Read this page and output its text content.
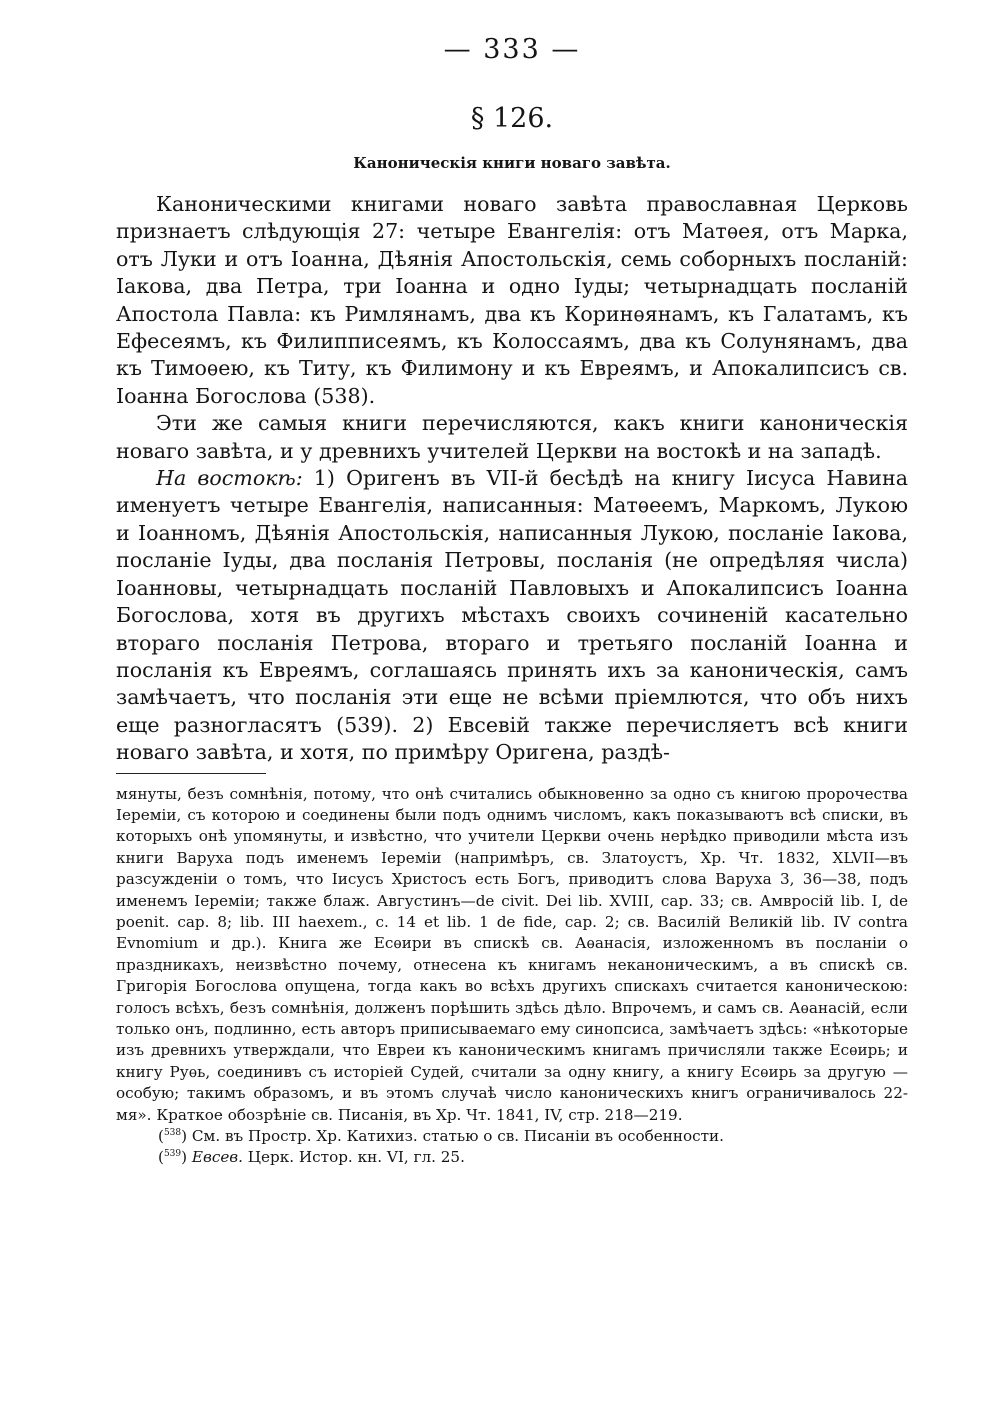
— 333 —
§ 126.
Каноническія книги новаго завѣта.

Каноническими книгами новаго завѣта православная Церковь признаетъ слѣдующія 27: четыре Евангелія: отъ Матѳея, отъ Марка, отъ Луки и отъ Іоанна, Дѣянія Апостольскія, семь соборныхъ посланій: Іакова, два Петра, три Іоанна и одно Іуды; четырнадцать посланій Апостола Павла: къ Римлянамъ, два къ Коринѳянамъ, къ Галатамъ, къ Ефесеямъ, къ Филипписеямъ, къ Колоссаямъ, два къ Солунянамъ, два къ Тимоѳею, къ Титу, къ Филимону и къ Евреямъ, и Апокалипсисъ св. Іоанна Богослова (538).

Эти же самыя книги перечисляются, какъ книги каноническія новаго завѣта, и у древнихъ учителей Церкви на востокѣ и на западѣ.

На востокѣ: 1) Оригенъ въ VII-й бесѣдѣ на книгу Іисуса Навина именуетъ четыре Евангелія, написанныя: Матѳеемъ, Маркомъ, Лукою и Іоанномъ, Дѣянія Апостольскія, написанныя Лукою, посланіе Іакова, посланіе Іуды, два посланія Петровы, посланія (не опредѣляя числа) Іоанновы, четырнадцать посланій Павловыхъ и Апокалипсисъ Іоанна Богослова, хотя въ другихъ мѣстахъ своихъ сочиненій касательно втораго посланія Петрова, втораго и третьяго посланій Іоанна и посланія къ Евреямъ, соглашаясь принять ихъ за каноническія, самъ замѣчаетъ, что посланія эти еще не всѣми пріемлются, что объ нихъ еще разногласятъ (539). 2) Евсевій также перечисляетъ всѣ книги новаго завѣта, и хотя, по примѣру Оригена, раздѣ-

мянуты, безъ сомнѣнія, потому, что онѣ считались обыкновенно за одно съ книгою пророчества Іереміи, съ которою и соединены были подъ однимъ числомъ, какъ показываютъ всѣ списки, въ которыхъ онѣ упомянуты, и извѣстно, что учители Церкви очень нерѣдко приводили мѣста изъ книги Варуха подъ именемъ Іереміи (напримѣръ, св. Златоустъ, Хр. Чт. 1832, XLVII—въ разсужденіи о томъ, что Іисусъ Христосъ есть Богъ, приводитъ слова Варуха 3, 36—38, подъ именемъ Іереміи; также блаж. Августинъ—de civit. Dei lib. XVIII, cap. 33; св. Амвросій lib. I, de poenit. cap. 8; lib. III haexem., c. 14 et lib. 1 de fide, cap. 2; св. Василій Великій lib. IV contra Evnomium и др.). Книга же Есѳири въ спискѣ св. Аѳанасія, изложенномъ въ посланіи о праздникахъ, неизвѣстно почему, отнесена къ книгамъ неканоническимъ, а въ спискѣ св. Григорія Богослова опущена, тогда какъ во всѣхъ другихъ спискахъ считается каноническою: голосъ всѣхъ, безъ сомнѣнія, долженъ порѣшить здѣсь дѣло. Впрочемъ, и самъ св. Аѳанасій, если только онъ, подлинно, есть авторъ приписываемаго ему синопсиса, замѣчаетъ здѣсь: «нѣкоторые изъ древнихъ утверждали, что Евреи къ каноническимъ книгамъ причисляли также Есѳирь; и книгу Руѳь, соединивъ съ исторіей Судей, считали за одну книгу, а книгу Есѳирь за другую — особую; такимъ образомъ, и въ этомъ случаѣ число каноническихъ книгъ ограничивалось 22-мя». Краткое обозрѣніе св. Писанія, въ Хр. Чт. 1841, IV, стр. 218—219.

($^{538}$) См. въ Простр. Хр. Катихиз. статью о св. Писаніи въ особенности.

($^{539}$) Евсев. Церк. Истор. кн. VI, гл. 25.
